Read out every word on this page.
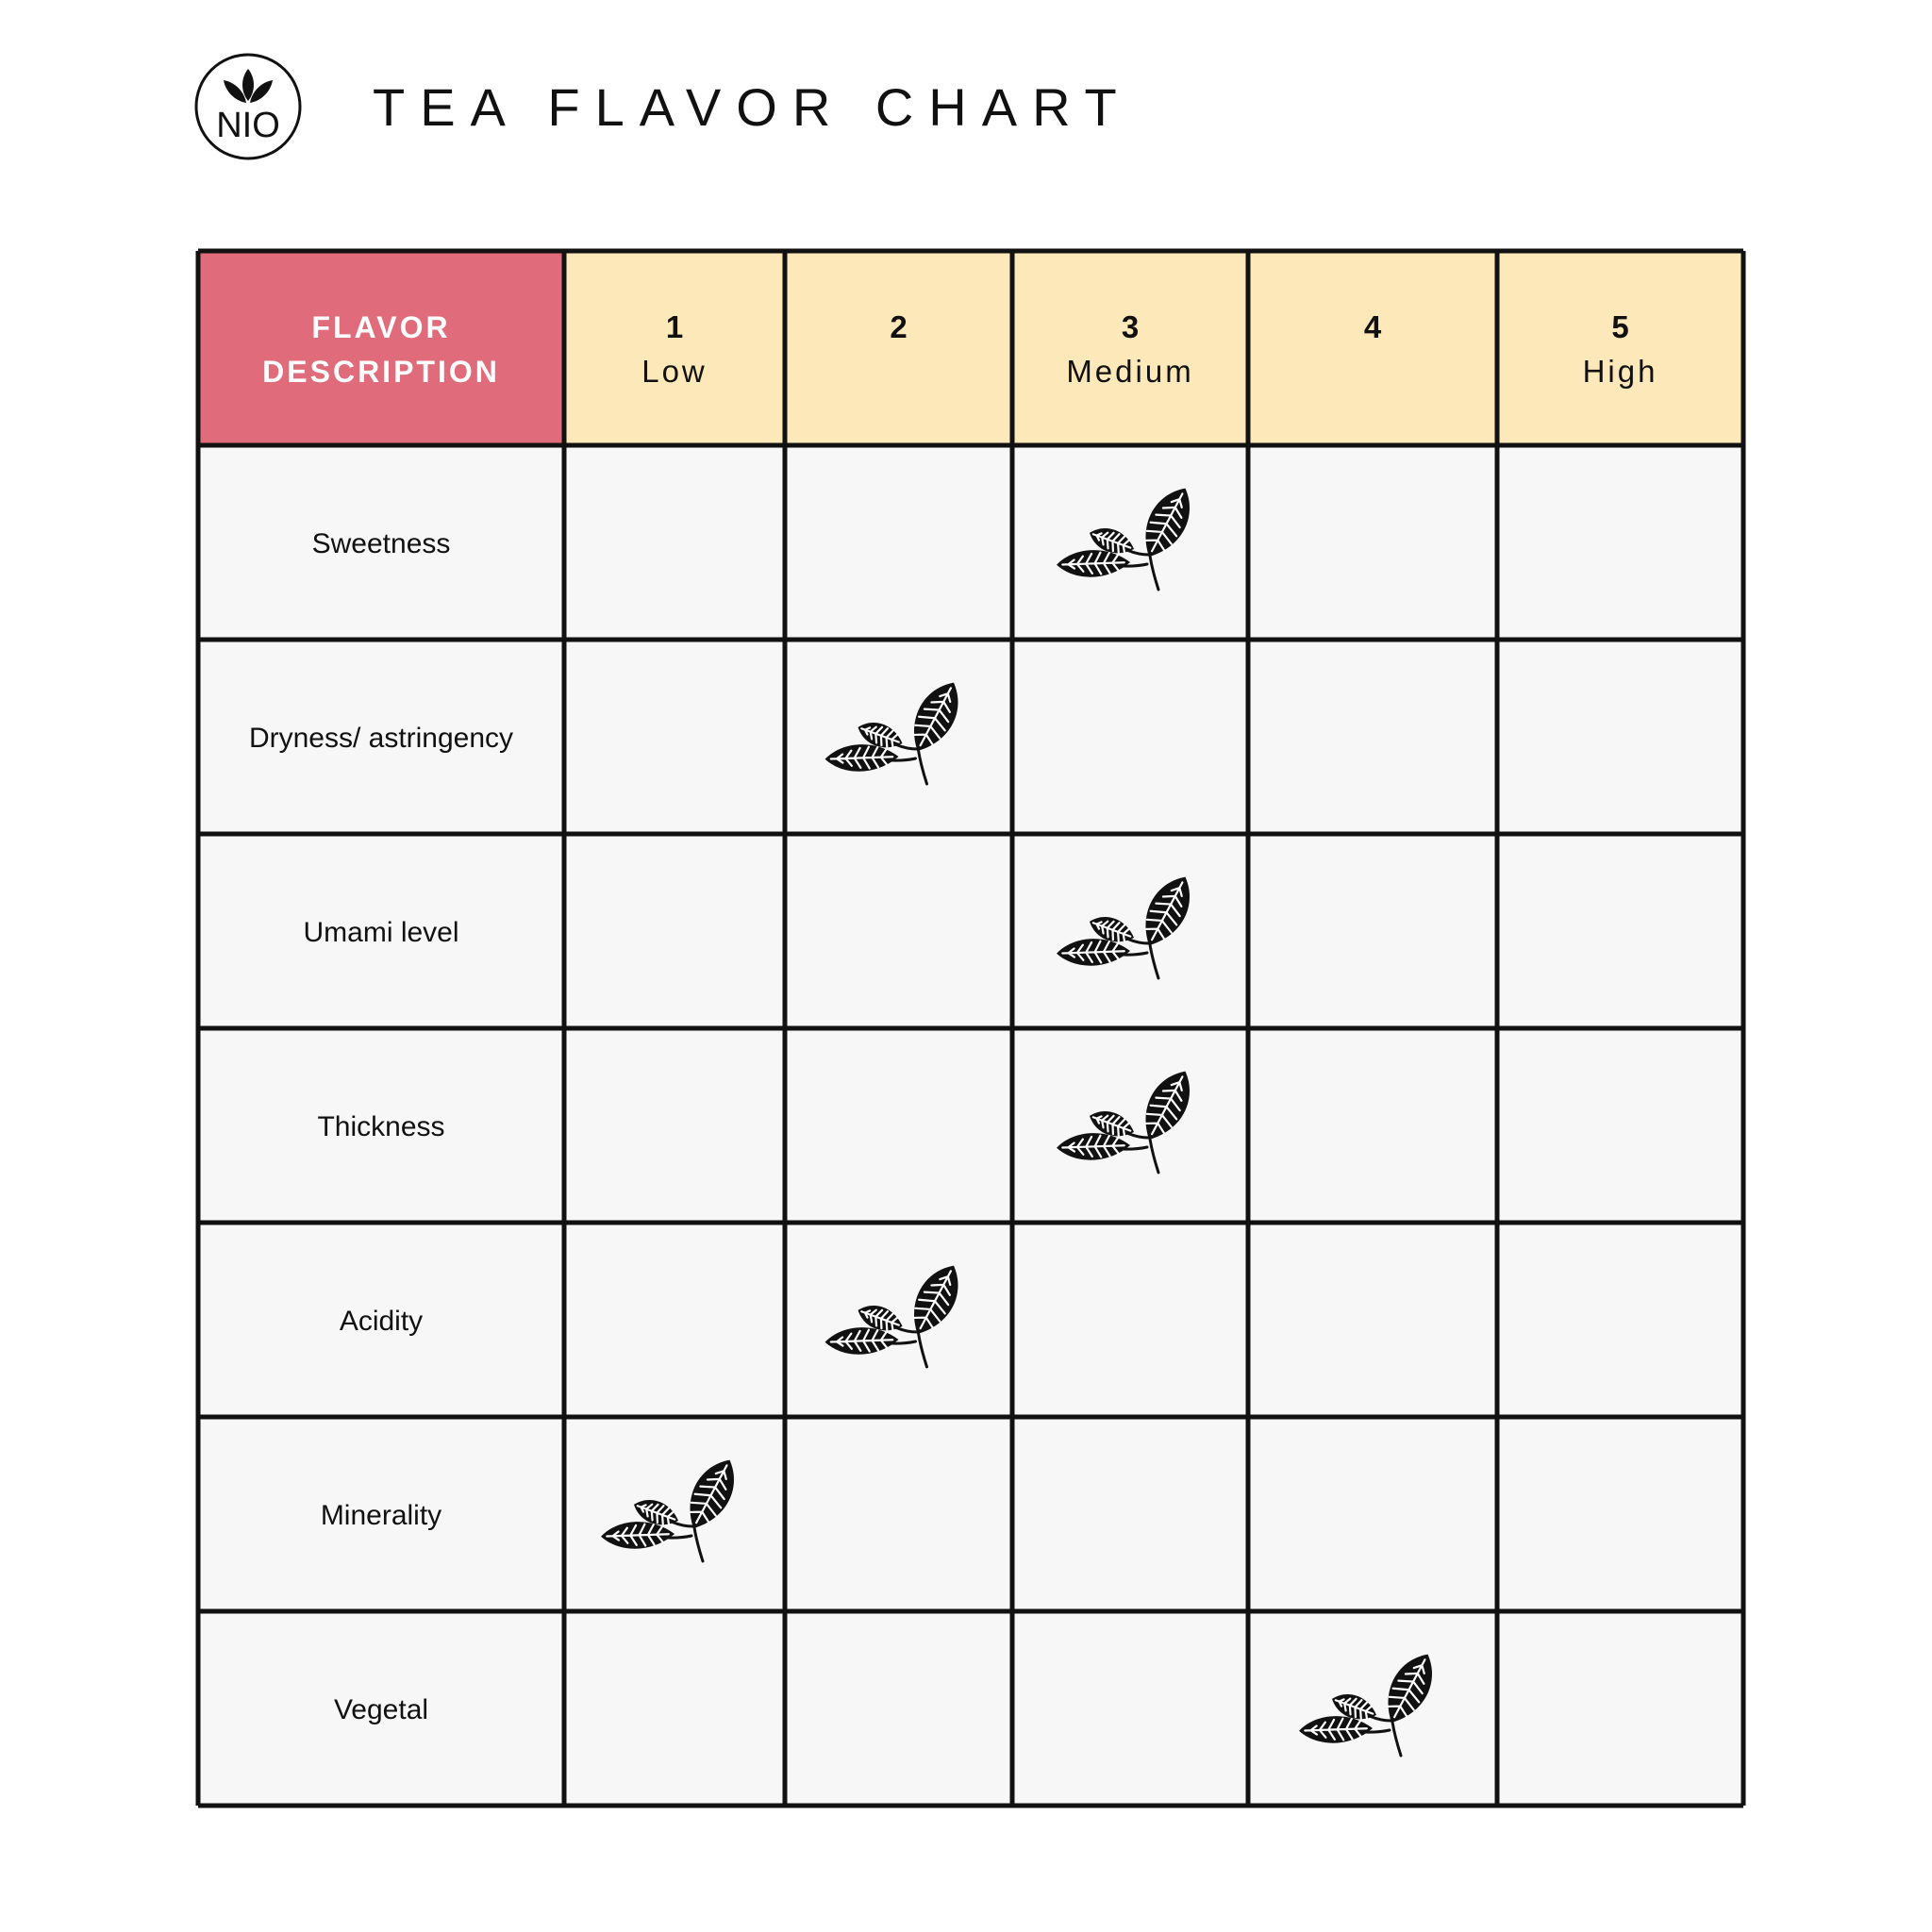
NIO TEA FLAVOR CHART
FLAVOR
DESCRIPTION
1
Low
2	3
Medium
4	5
High
Sweetness
Dryness/ astringency
Umami level
Thickness
Acidity
Minerality
Vegetal
